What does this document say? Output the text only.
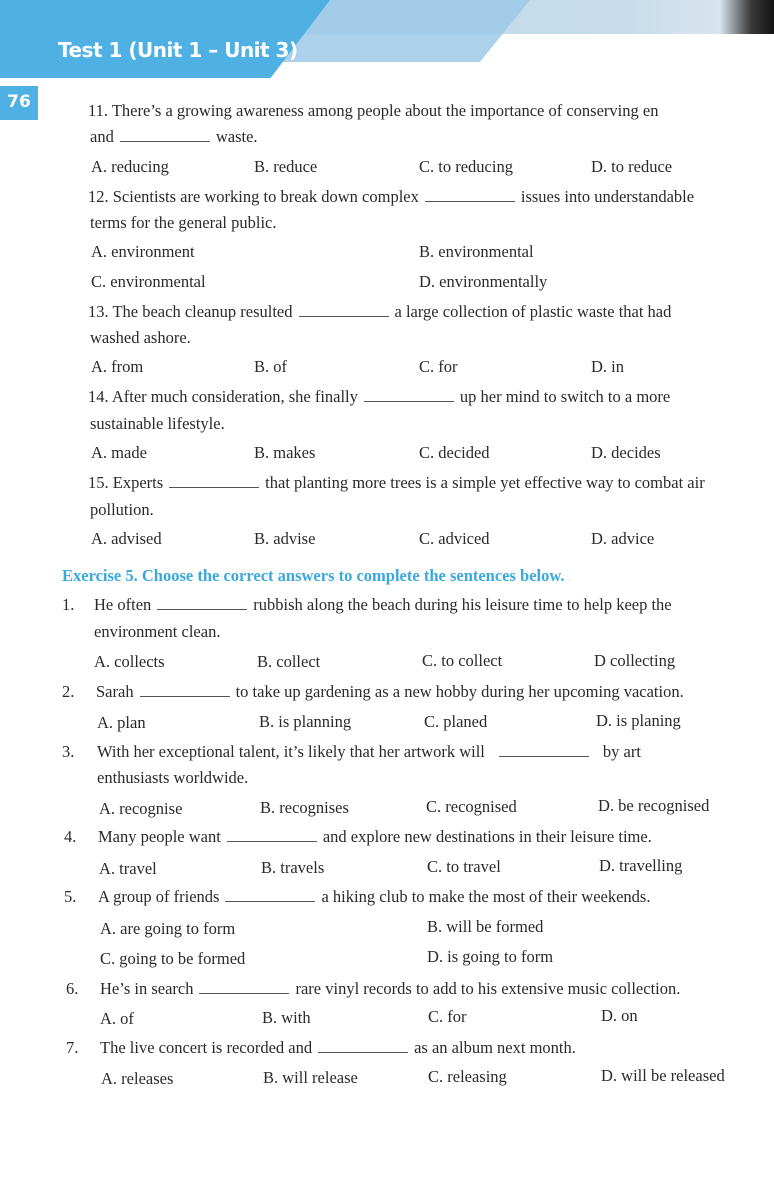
Test 1 (Unit 1 – Unit 3)
76	11. There’s a growing awareness among people about the importance of conserving en
and	waste.
A. reducing	B. reduce	C. to reducing	D. to reduce
12. Scientists are working to break down complex	issues into understandable
terms for the general public.
A. environment	B. environmental
C. environmental	D. environmentally
13. The beach cleanup resulted	a large collection of plastic waste that had
washed ashore.
A. from	B. of	C. for	D. in
14. After much consideration, she finally	up her mind to switch to a more
sustainable lifestyle.
A. made	B. makes	C. decided	D. decides
15. Experts	that planting more trees is a simple yet effective way to combat air
pollution.
A. advised	B. advise	C. adviced	D. advice
Exercise 5. Choose the correct answers to complete the sentences below.
1. He often	rubbish along the beach during his leisure time to help keep the
environment clean.
A. collects	B. collect	C. to collect	D collecting
2. Sarah	to take up gardening as a new hobby during her upcoming vacation.
A. plan	B. is planning	C. planed	D. is planing
3. With her exceptional talent, it’s likely that her artwork will	by art
enthusiasts worldwide.
A. recognise	B. recognises	C. recognised	D. be recognised
4. Many people want	and explore new destinations in their leisure time.
A. travel	B. travels	C. to travel	D. travelling
5. A group of friends	a hiking club to make the most of their weekends.
A. are going to form	B. will be formed
C. going to be formed	D. is going to form
6. He’s in search	rare vinyl records to add to his extensive music collection.
A. of	B. with	C. for	D. on
7. The live concert is recorded and	as an album next month.
A. releases	B. will release	C. releasing	D. will be released
